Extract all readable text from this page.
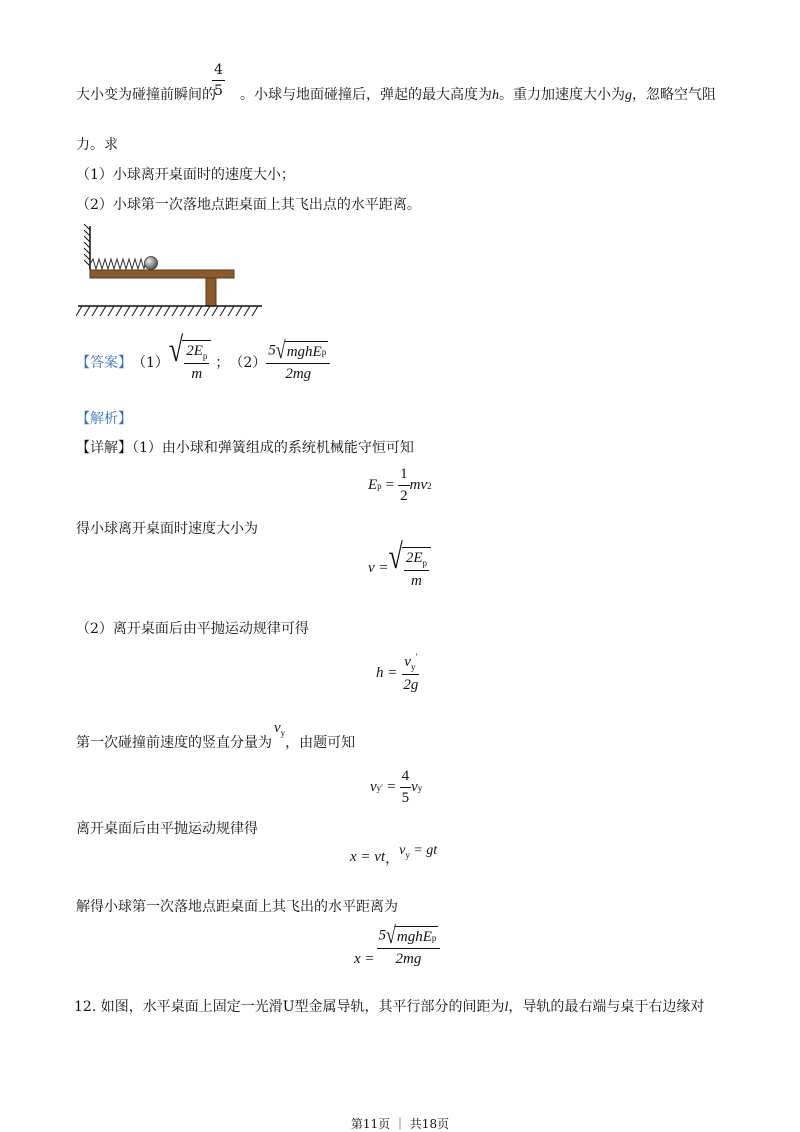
$\frac{4}{5}$
大小变为碰撞前瞬间的 。小球与地面碰撞后，弹起的最大高度为h。重力加速度大小为g，忽略空气阻
力。求
（1）小球离开桌面时的速度大小；
（2）小球第一次落地点距桌面上其飞出点的水平距离。
【答案】 （1） √ $\frac{2E_p}{m}$ ； $(2) \frac{\text{5 √ mghE p}}{2mg}$
【解析】
【详解】（1）由小球和弹簧组成的系统机械能守恒可知
E $p = \frac{1}{2}$ mv 2
得小球离开桌面时速度大小为
v = √ $\frac{2E_p}{m}$
（2）离开桌面后由平抛运动规律可得
$h = \frac{v_y'}{2g}$
第一次碰撞前速度的竖直分量为
$v_y$
，由题可知
v y ′ = $\frac{4}{5}$ v y
离开桌面后由平抛运动规律得
x = vt ，
$v_y$ = gt
解得小球第一次落地点距桌面上其飞出的水平距离为
$x = \frac{\text{5 √ mghE p}}{2mg}$
12. 如图，水平桌面上固定一光滑U型金属导轨，其平行部分的间距为l，导轨的最右端与桌于右边缘对
第11页 ｜ 共18页
